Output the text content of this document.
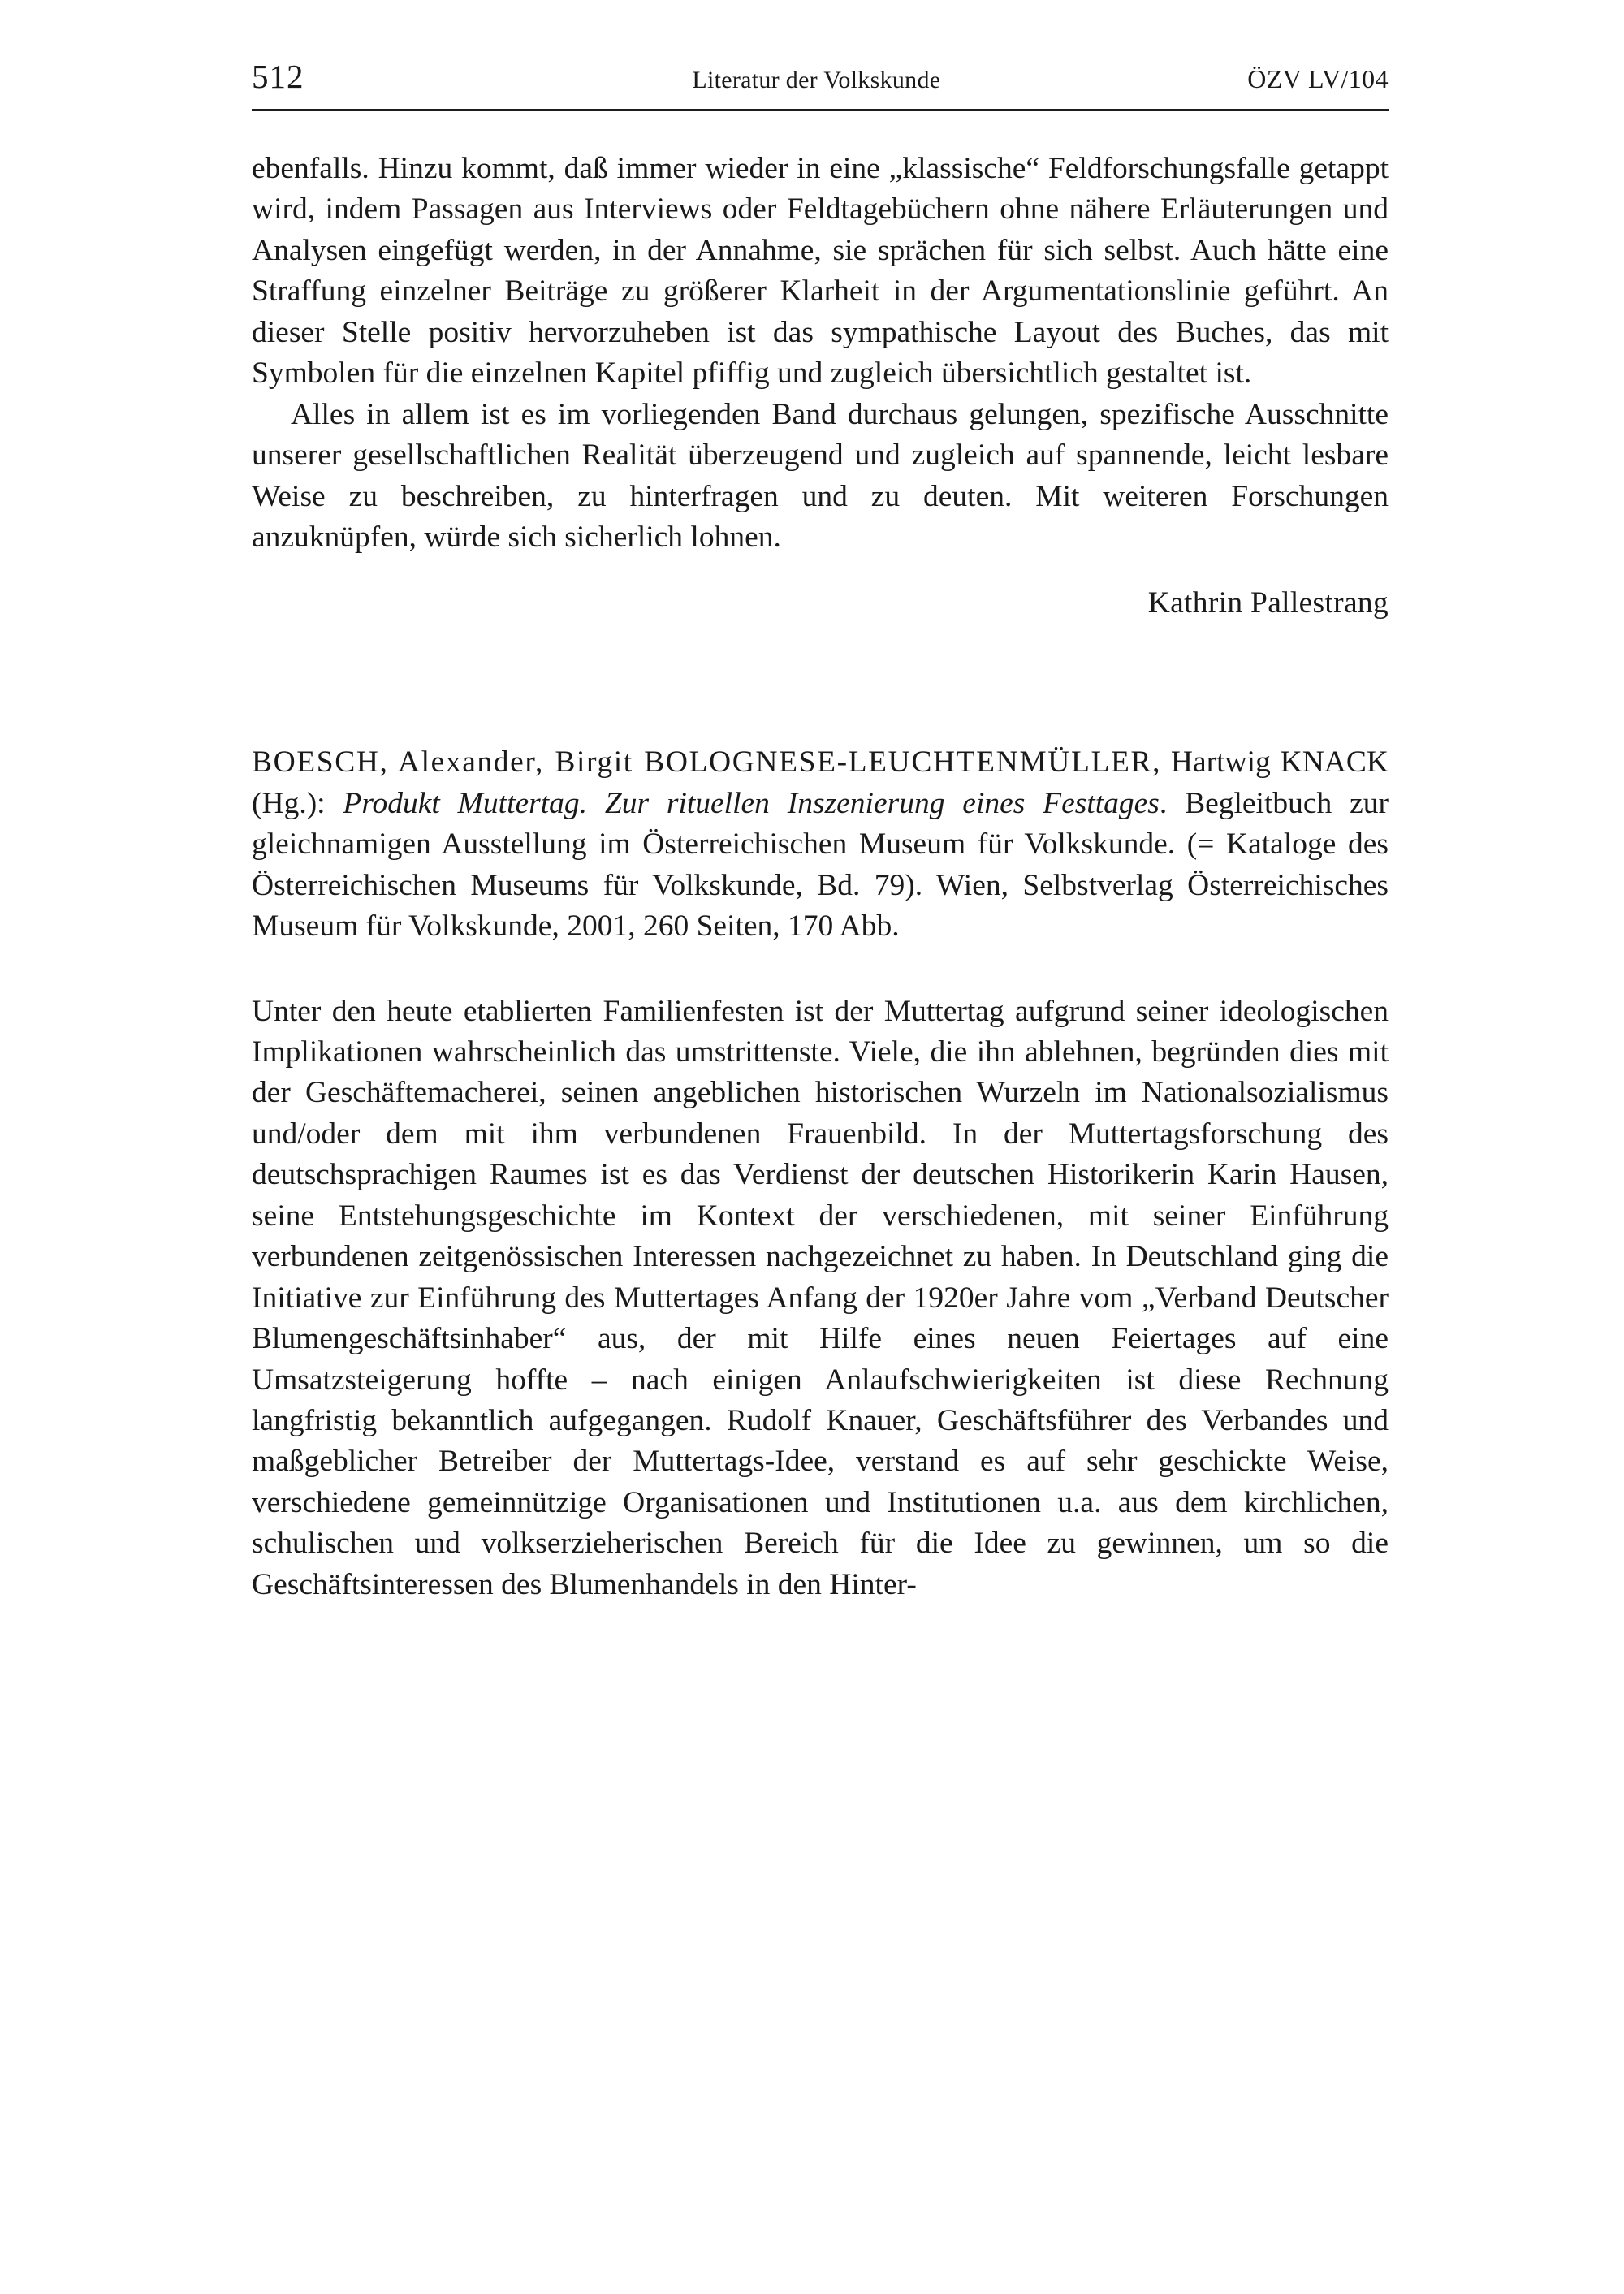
512	Literatur der Volkskunde	ÖZV LV/104

ebenfalls. Hinzu kommt, daß immer wieder in eine „klassische“ Feldforschungsfalle getappt wird, indem Passagen aus Interviews oder Feldtagebüchern ohne nähere Erläuterungen und Analysen eingefügt werden, in der Annahme, sie sprächen für sich selbst. Auch hätte eine Straffung einzelner Beiträge zu größerer Klarheit in der Argumentationslinie geführt. An dieser Stelle positiv hervorzuheben ist das sympathische Layout des Buches, das mit Symbolen für die einzelnen Kapitel pfiffig und zugleich übersichtlich gestaltet ist.

Alles in allem ist es im vorliegenden Band durchaus gelungen, spezifische Ausschnitte unserer gesellschaftlichen Realität überzeugend und zugleich auf spannende, leicht lesbare Weise zu beschreiben, zu hinterfragen und zu deuten. Mit weiteren Forschungen anzuknüpfen, würde sich sicherlich lohnen.

Kathrin Pallestrang
BOESCH, Alexander, Birgit BOLOGNESE-LEUCHTENMÜLLER, Hartwig KNACK (Hg.): Produkt Muttertag. Zur rituellen Inszenierung eines Festtages. Begleitbuch zur gleichnamigen Ausstellung im Österreichischen Museum für Volkskunde. (= Kataloge des Österreichischen Museums für Volkskunde, Bd. 79). Wien, Selbstverlag Österreichisches Museum für Volkskunde, 2001, 260 Seiten, 170 Abb.

Unter den heute etablierten Familienfesten ist der Muttertag aufgrund seiner ideologischen Implikationen wahrscheinlich das umstrittenste. Viele, die ihn ablehnen, begründen dies mit der Geschäftemacherei, seinen angeblichen historischen Wurzeln im Nationalsozialismus und/oder dem mit ihm verbundenen Frauenbild. In der Muttertagsforschung des deutschsprachigen Raumes ist es das Verdienst der deutschen Historikerin Karin Hausen, seine Entstehungsgeschichte im Kontext der verschiedenen, mit seiner Einführung verbundenen zeitgenössischen Interessen nachgezeichnet zu haben. In Deutschland ging die Initiative zur Einführung des Muttertages Anfang der 1920er Jahre vom „Verband Deutscher Blumengeschäftsinhaber“ aus, der mit Hilfe eines neuen Feiertages auf eine Umsatzsteigerung hoffte – nach einigen Anlaufschwierigkeiten ist diese Rechnung langfristig bekanntlich aufgegangen. Rudolf Knauer, Geschäftsführer des Verbandes und maßgeblicher Betreiber der Muttertags-Idee, verstand es auf sehr geschickte Weise, verschiedene gemeinnützige Organisationen und Institutionen u.a. aus dem kirchlichen, schulischen und volkserzieherischen Bereich für die Idee zu gewinnen, um so die Geschäftsinteressen des Blumenhandels in den Hinter-
